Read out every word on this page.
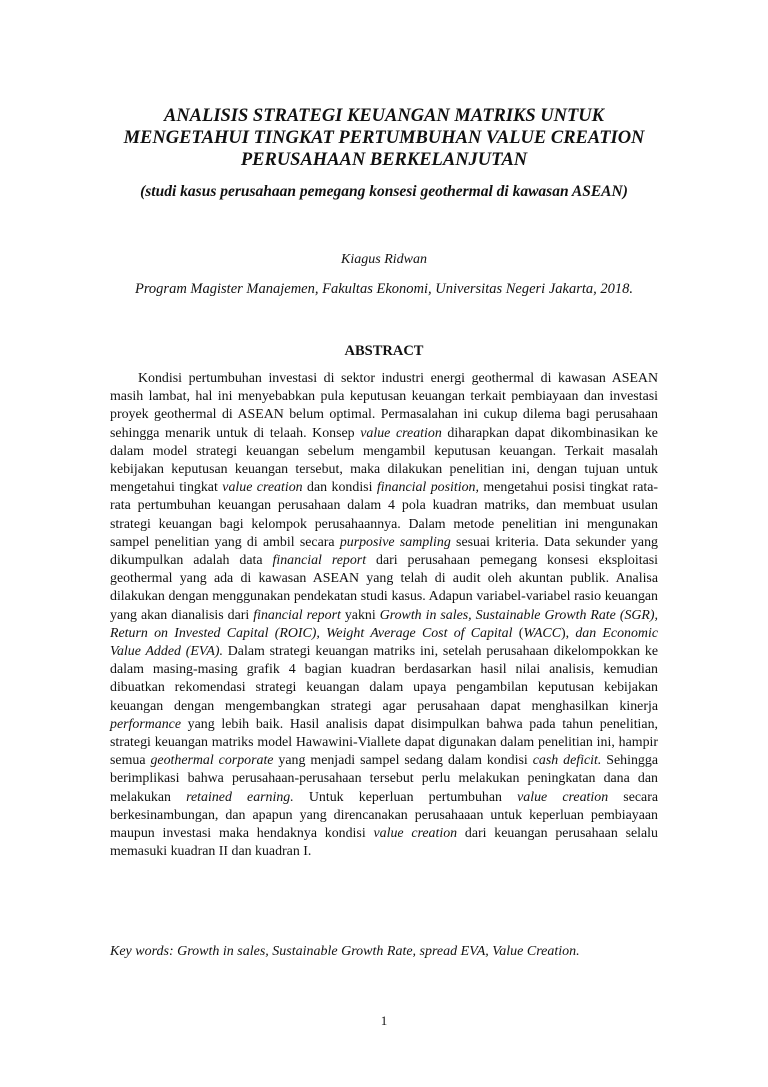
ANALISIS STRATEGI KEUANGAN MATRIKS UNTUK
MENGETAHUI TINGKAT PERTUMBUHAN VALUE CREATION
PERUSAHAAN BERKELANJUTAN

(studi kasus perusahaan pemegang konsesi geothermal di kawasan ASEAN)

Kiagus Ridwan
Program Magister Manajemen, Fakultas Ekonomi, Universitas Negeri Jakarta, 2018.
ABSTRACT

Kondisi pertumbuhan investasi di sektor industri energi geothermal di kawasan ASEAN masih lambat, hal ini menyebabkan pula keputusan keuangan terkait pembiayaan dan investasi proyek geothermal di ASEAN belum optimal. Permasalahan ini cukup dilema bagi perusahaan sehingga menarik untuk di telaah. Konsep value creation diharapkan dapat dikombinasikan ke dalam model strategi keuangan sebelum mengambil keputusan keuangan. Terkait masalah kebijakan keputusan keuangan tersebut, maka dilakukan penelitian ini, dengan tujuan untuk mengetahui tingkat value creation dan kondisi financial position, mengetahui posisi tingkat rata-rata pertumbuhan keuangan perusahaan dalam 4 pola kuadran matriks, dan membuat usulan strategi keuangan bagi kelompok perusahaannya. Dalam metode penelitian ini mengunakan sampel penelitian yang di ambil secara purposive sampling sesuai kriteria. Data sekunder yang dikumpulkan adalah data financial report dari perusahaan pemegang konsesi eksploitasi geothermal yang ada di kawasan ASEAN yang telah di audit oleh akuntan publik. Analisa dilakukan dengan menggunakan pendekatan studi kasus. Adapun variabel-variabel rasio keuangan yang akan dianalisis dari financial report yakni Growth in sales, Sustainable Growth Rate (SGR), Return on Invested Capital (ROIC), Weight Average Cost of Capital (WACC), dan Economic Value Added (EVA). Dalam strategi keuangan matriks ini, setelah perusahaan dikelompokkan ke dalam masing-masing grafik 4 bagian kuadran berdasarkan hasil nilai analisis, kemudian dibuatkan rekomendasi strategi keuangan dalam upaya pengambilan keputusan kebijakan keuangan dengan mengembangkan strategi agar perusahaan dapat menghasilkan kinerja performance yang lebih baik. Hasil analisis dapat disimpulkan bahwa pada tahun penelitian, strategi keuangan matriks model Hawawini-Viallete dapat digunakan dalam penelitian ini, hampir semua geothermal corporate yang menjadi sampel sedang dalam kondisi cash deficit. Sehingga berimplikasi bahwa perusahaan-perusahaan tersebut perlu melakukan peningkatan dana dan melakukan retained earning. Untuk keperluan pertumbuhan value creation secara berkesinambungan, dan apapun yang direncanakan perusahaaan untuk keperluan pembiayaan maupun investasi maka hendaknya kondisi value creation dari keuangan perusahaan selalu memasuki kuadran II dan kuadran I.

Key words: Growth in sales, Sustainable Growth Rate, spread EVA, Value Creation.
1
